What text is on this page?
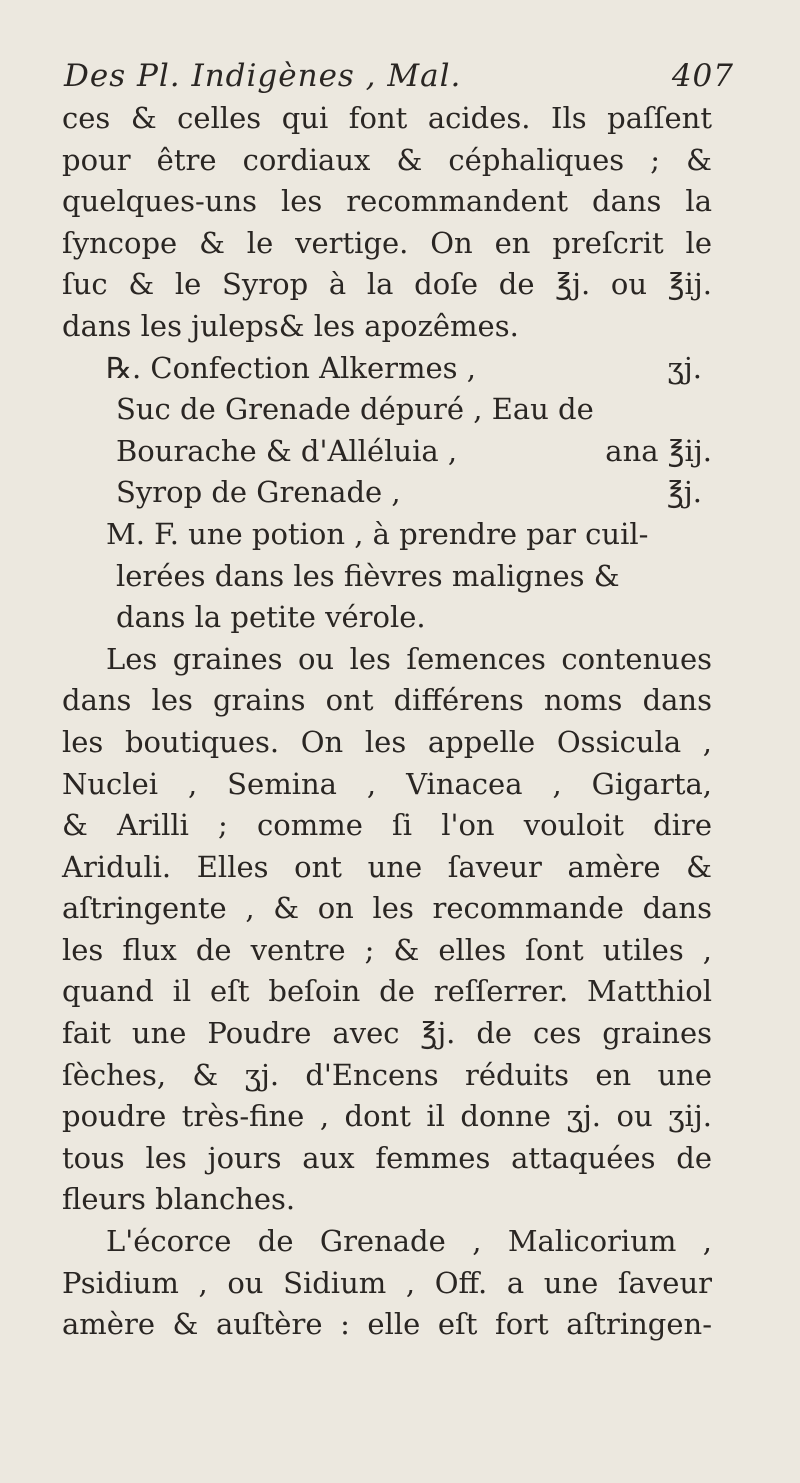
Des Pl. Indigènes , Mal.	407
ces & celles qui font acides. Ils paſſent
pour être cordiaux & céphaliques ; &
quelques-uns les recommandent dans la
ſyncope & le vertige. On en preſcrit le
ſuc & le Syrop à la doſe de ℥j. ou ℥ij.
dans les juleps& les apozêmes.
℞. Confection Alkermes ,	ʒj.
Suc de Grenade dépuré , Eau de
Bourache & d'Alléluia ,	ana ℥ij.
Syrop de Grenade ,	℥j.
M. F. une potion , à prendre par cuil-
lerées dans les fièvres malignes &
dans la petite vérole.
Les graines ou les ſemences contenues
dans les grains ont différens noms dans
les boutiques. On les appelle Ossicula ,
Nuclei , Semina , Vinacea , Gigarta,
& Arilli ; comme ſi l'on vouloit dire
Ariduli. Elles ont une ſaveur amère &
aſtringente , & on les recommande dans
les flux de ventre ; & elles ſont utiles ,
quand il eſt beſoin de reſſerrer. Matthiol
fait une Poudre avec ℥j. de ces graines
ſèches, & ʒj. d'Encens réduits en une
poudre très-fine , dont il donne ʒj. ou ʒij.
tous les jours aux femmes attaquées de
fleurs blanches.
L'écorce de Grenade , Malicorium ,
Psidium , ou Sidium , Off. a une ſaveur
amère & auſtère : elle eſt fort aſtringen-
